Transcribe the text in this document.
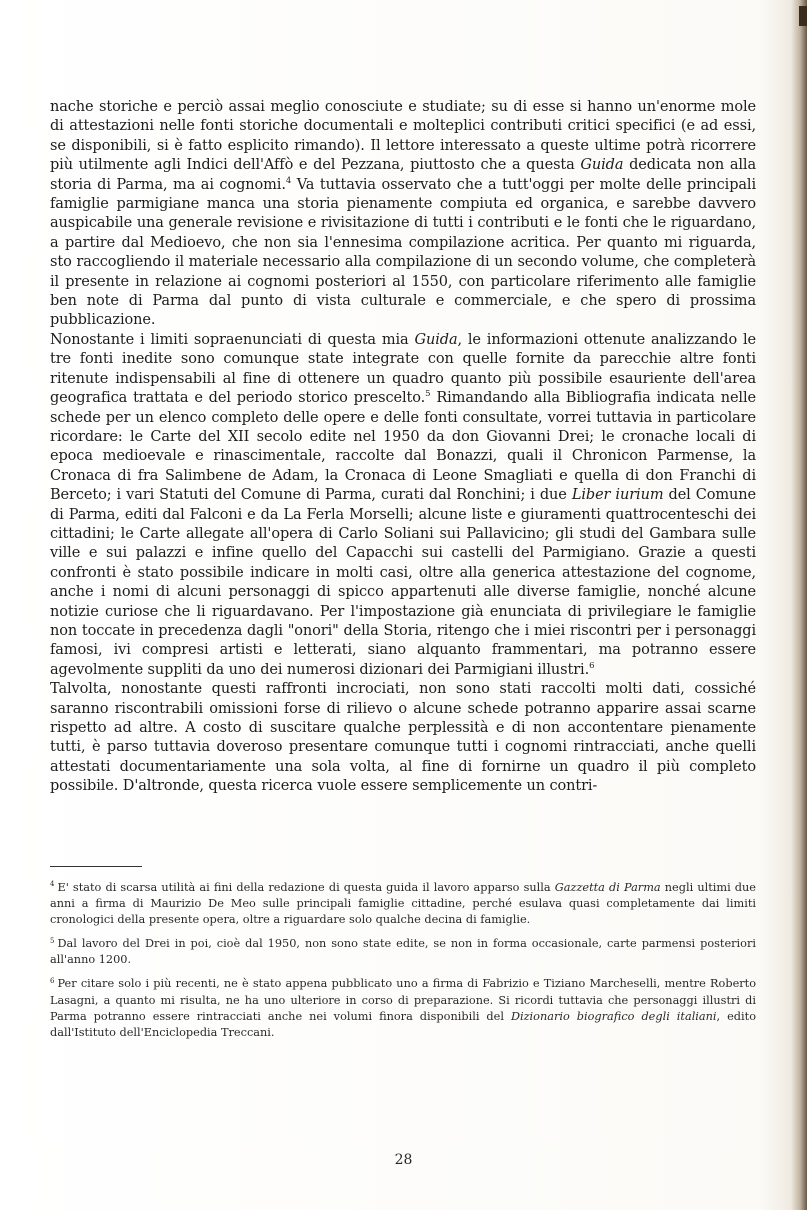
nache storiche e perciò assai meglio conosciute e studiate; su di esse si hanno un'enorme mole di attestazioni nelle fonti storiche documentali e molteplici contributi critici specifici (e ad essi, se disponibili, si è fatto esplicito rimando). Il lettore interessato a queste ultime potrà ricorrere più utilmente agli Indici dell'Affò e del Pezzana, piuttosto che a questa Guida dedicata non alla storia di Parma, ma ai cognomi.$^4$ Va tuttavia osservato che a tutt'oggi per molte delle principali famiglie parmigiane manca una storia pienamente compiuta ed organica, e sarebbe davvero auspicabile una generale revisione e rivisitazione di tutti i contributi e le fonti che le riguardano, a partire dal Medioevo, che non sia l'ennesima compilazione acritica. Per quanto mi riguarda, sto raccogliendo il materiale necessario alla compilazione di un secondo volume, che completerà il presente in relazione ai cognomi posteriori al 1550, con particolare riferimento alle famiglie ben note di Parma dal punto di vista culturale e commerciale, e che spero di prossima pubblicazione.

Nonostante i limiti sopraenunciati di questa mia Guida, le informazioni ottenute analizzando le tre fonti inedite sono comunque state integrate con quelle fornite da parecchie altre fonti ritenute indispensabili al fine di ottenere un quadro quanto più possibile esauriente dell'area geografica trattata e del periodo storico prescelto.$^5$ Rimandando alla Bibliografia indicata nelle schede per un elenco completo delle opere e delle fonti consultate, vorrei tuttavia in particolare ricordare: le Carte del XII secolo edite nel 1950 da don Giovanni Drei; le cronache locali di epoca medioevale e rinascimentale, raccolte dal Bonazzi, quali il Chronicon Parmense, la Cronaca di fra Salimbene de Adam, la Cronaca di Leone Smagliati e quella di don Franchi di Berceto; i vari Statuti del Comune di Parma, curati dal Ronchini; i due Liber iurium del Comune di Parma, editi dal Falconi e da La Ferla Morselli; alcune liste e giuramenti quattrocenteschi dei cittadini; le Carte allegate all'opera di Carlo Soliani sui Pallavicino; gli studi del Gambara sulle ville e sui palazzi e infine quello del Capacchi sui castelli del Parmigiano. Grazie a questi confronti è stato possibile indicare in molti casi, oltre alla generica attestazione del cognome, anche i nomi di alcuni personaggi di spicco appartenuti alle diverse famiglie, nonché alcune notizie curiose che li riguardavano. Per l'impostazione già enunciata di privilegiare le famiglie non toccate in precedenza dagli "onori" della Storia, ritengo che i miei riscontri per i personaggi famosi, ivi compresi artisti e letterati, siano alquanto frammentari, ma potranno essere agevolmente suppliti da uno dei numerosi dizionari dei Parmigiani illustri.$^6$

Talvolta, nonostante questi raffronti incrociati, non sono stati raccolti molti dati, cossiché saranno riscontrabili omissioni forse di rilievo o alcune schede potranno apparire assai scarne rispetto ad altre. A costo di suscitare qualche perplessità e di non accontentare pienamente tutti, è parso tuttavia doveroso presentare comunque tutti i cognomi rintracciati, anche quelli attestati documentariamente una sola volta, al fine di fornirne un quadro il più completo possibile. D'altronde, questa ricerca vuole essere semplicemente un contri-

$^4$ E' stato di scarsa utilità ai fini della redazione di questa guida il lavoro apparso sulla Gazzetta di Parma negli ultimi due anni a firma di Maurizio De Meo sulle principali famiglie cittadine, perché esulava quasi completamente dai limiti cronologici della presente opera, oltre a riguardare solo qualche decina di famiglie.

$^5$ Dal lavoro del Drei in poi, cioè dal 1950, non sono state edite, se non in forma occasionale, carte parmensi posteriori all'anno 1200.

$^6$ Per citare solo i più recenti, ne è stato appena pubblicato uno a firma di Fabrizio e Tiziano Marcheselli, mentre Roberto Lasagni, a quanto mi risulta, ne ha uno ulteriore in corso di preparazione. Si ricordi tuttavia che personaggi illustri di Parma potranno essere rintracciati anche nei volumi finora disponibili del Dizionario biografico degli italiani, edito dall'Istituto dell'Enciclopedia Treccani.

28
